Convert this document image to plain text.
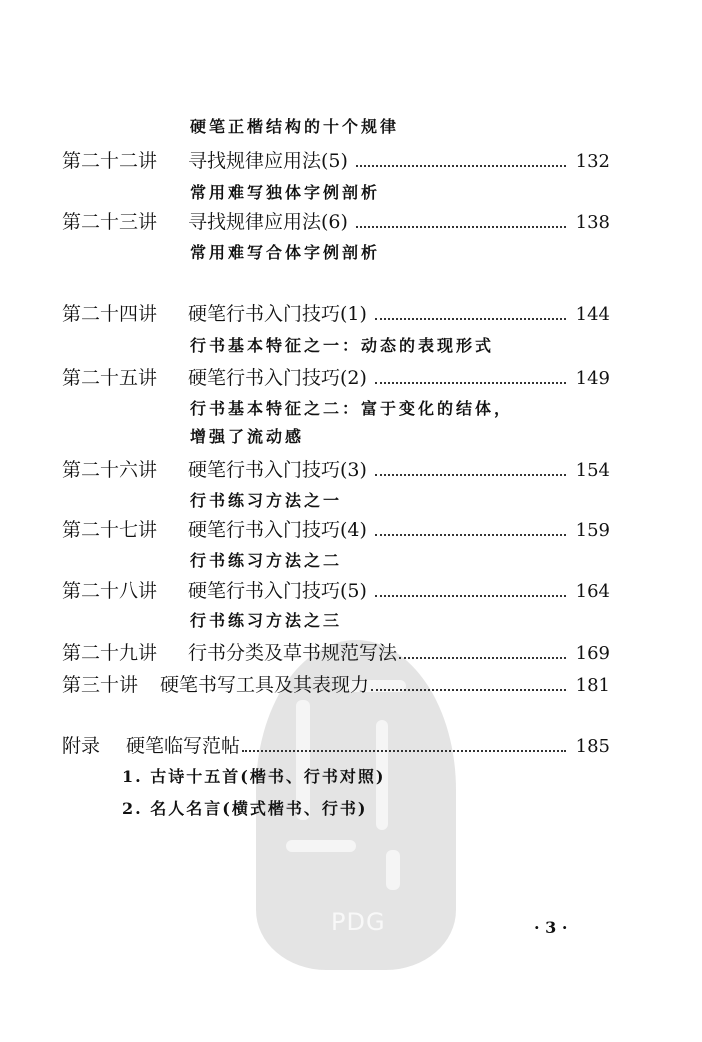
PDG
硬笔正楷结构的十个规律
第二十二讲	寻找规律应用法(5)	132
常用难写独体字例剖析
第二十三讲	寻找规律应用法(6)	138
常用难写合体字例剖析
第二十四讲	硬笔行书入门技巧(1)	144
行书基本特征之一：动态的表现形式
第二十五讲	硬笔行书入门技巧(2)	149
行书基本特征之二：富于变化的结体，
增强了流动感
第二十六讲	硬笔行书入门技巧(3)	154
行书练习方法之一
第二十七讲	硬笔行书入门技巧(4)	159
行书练习方法之二
第二十八讲	硬笔行书入门技巧(5)	164
行书练习方法之三
第二十九讲	行书分类及草书规范写法	169
第三十讲	硬笔书写工具及其表现力	181
附录	硬笔临写范帖	185
1. 古诗十五首(楷书、行书对照)
2. 名人名言(横式楷书、行书)
· 3 ·
